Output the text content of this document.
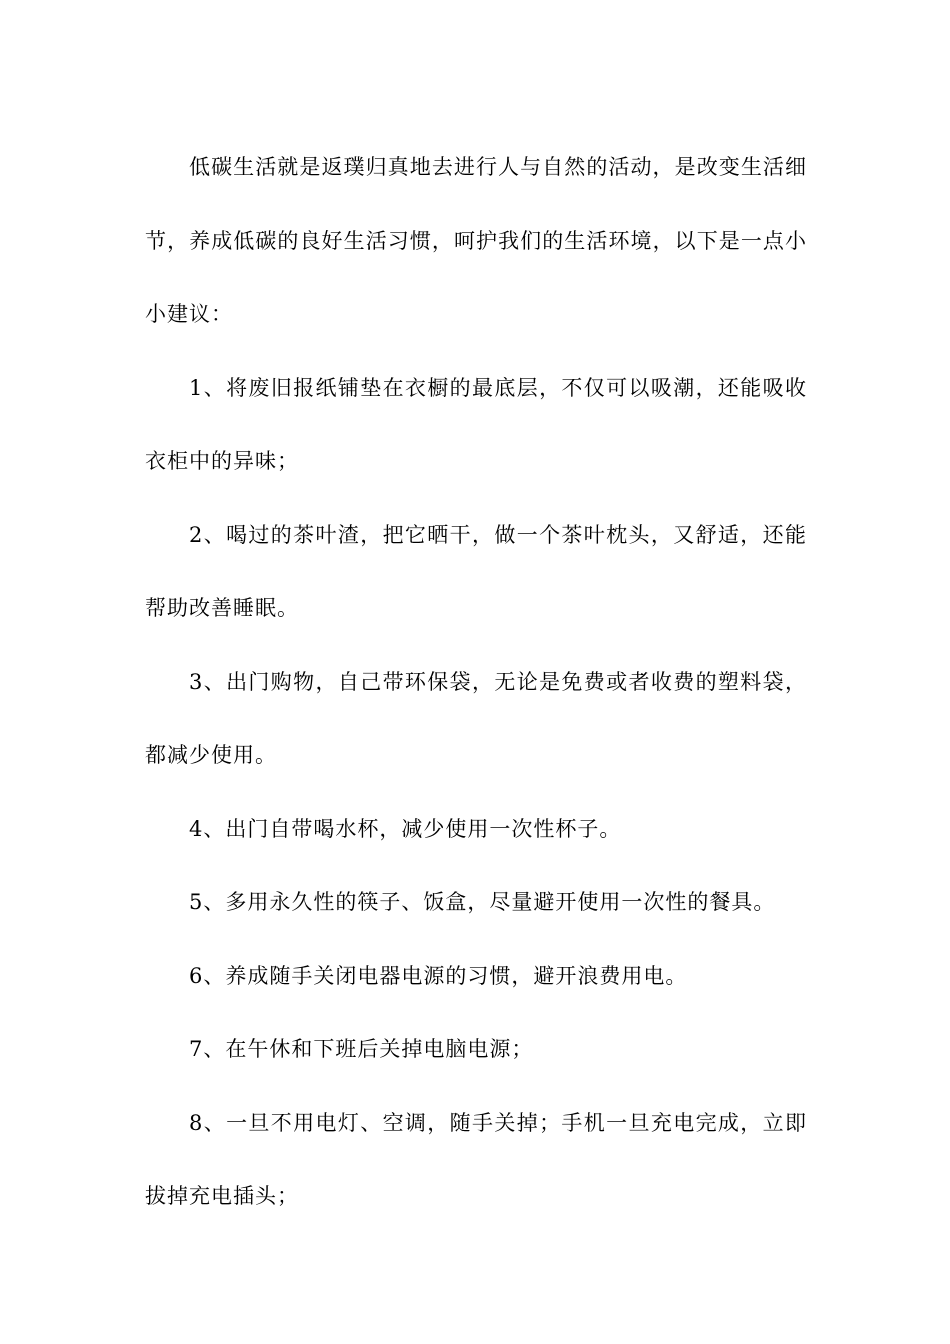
低碳生活就是返璞归真地去进行人与自然的活动，是改变生活细节，养成低碳的良好生活习惯，呵护我们的生活环境，以下是一点小小建议：

1、将废旧报纸铺垫在衣橱的最底层，不仅可以吸潮，还能吸收衣柜中的异味；

2、喝过的茶叶渣，把它晒干，做一个茶叶枕头，又舒适，还能帮助改善睡眠。

3、出门购物，自己带环保袋，无论是免费或者收费的塑料袋，都减少使用。

4、出门自带喝水杯，减少使用一次性杯子。

5、多用永久性的筷子、饭盒，尽量避开使用一次性的餐具。

6、养成随手关闭电器电源的习惯，避开浪费用电。

7、在午休和下班后关掉电脑电源；

8、一旦不用电灯、空调，随手关掉；手机一旦充电完成，立即拔掉充电插头；
